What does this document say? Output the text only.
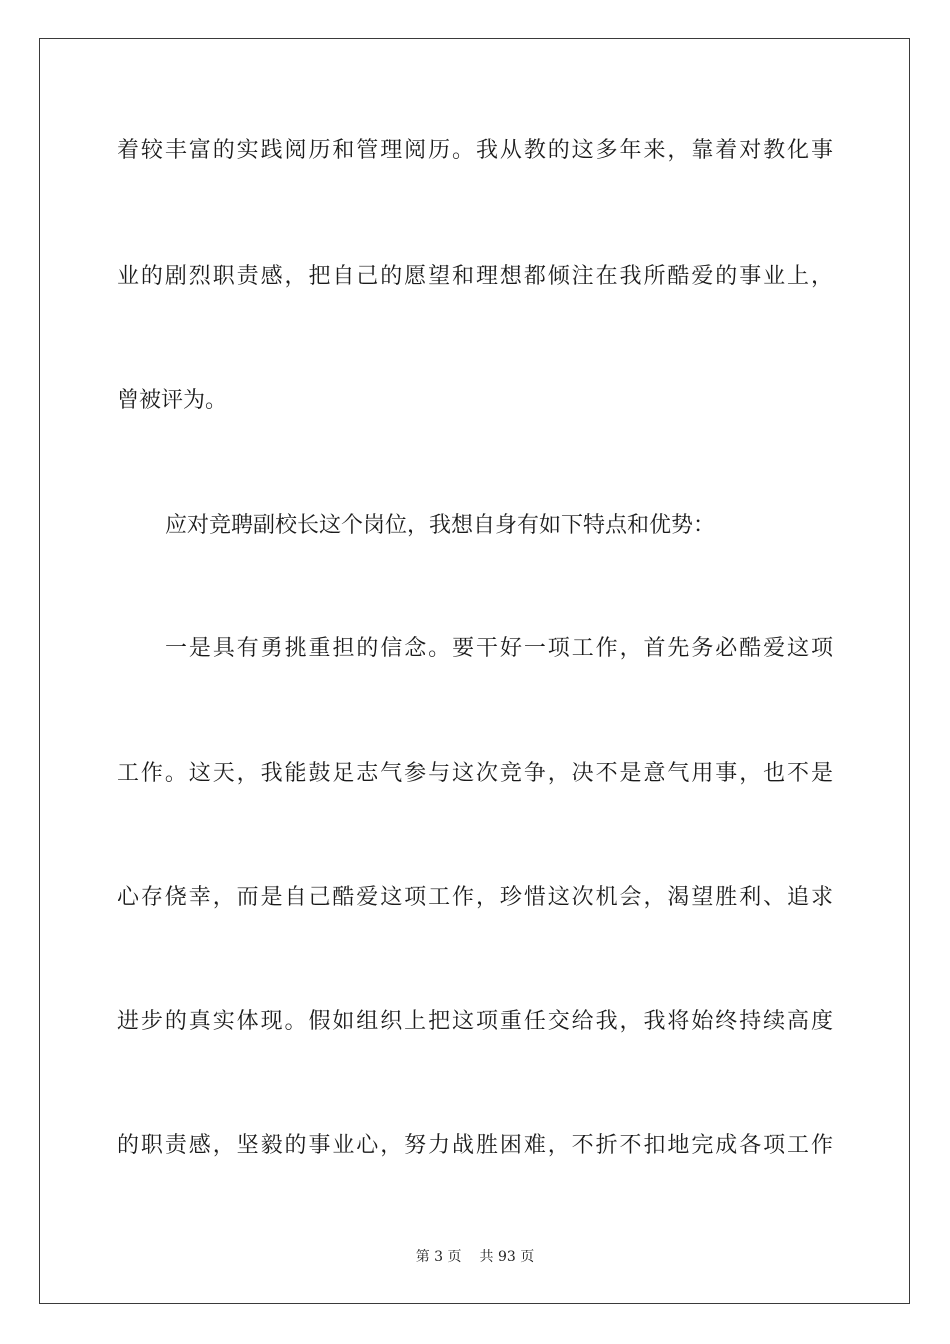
着较丰富的实践阅历和管理阅历。我从教的这多年来，靠着对教化事
业的剧烈职责感，把自己的愿望和理想都倾注在我所酷爱的事业上，
曾被评为。
应对竞聘副校长这个岗位，我想自身有如下特点和优势：
一是具有勇挑重担的信念。要干好一项工作，首先务必酷爱这项
工作。这天，我能鼓足志气参与这次竞争，决不是意气用事，也不是
心存侥幸，而是自己酷爱这项工作，珍惜这次机会，渴望胜利、追求
进步的真实体现。假如组织上把这项重任交给我，我将始终持续高度
的职责感，坚毅的事业心，努力战胜困难，不折不扣地完成各项工作
第 3 页 共 93 页
